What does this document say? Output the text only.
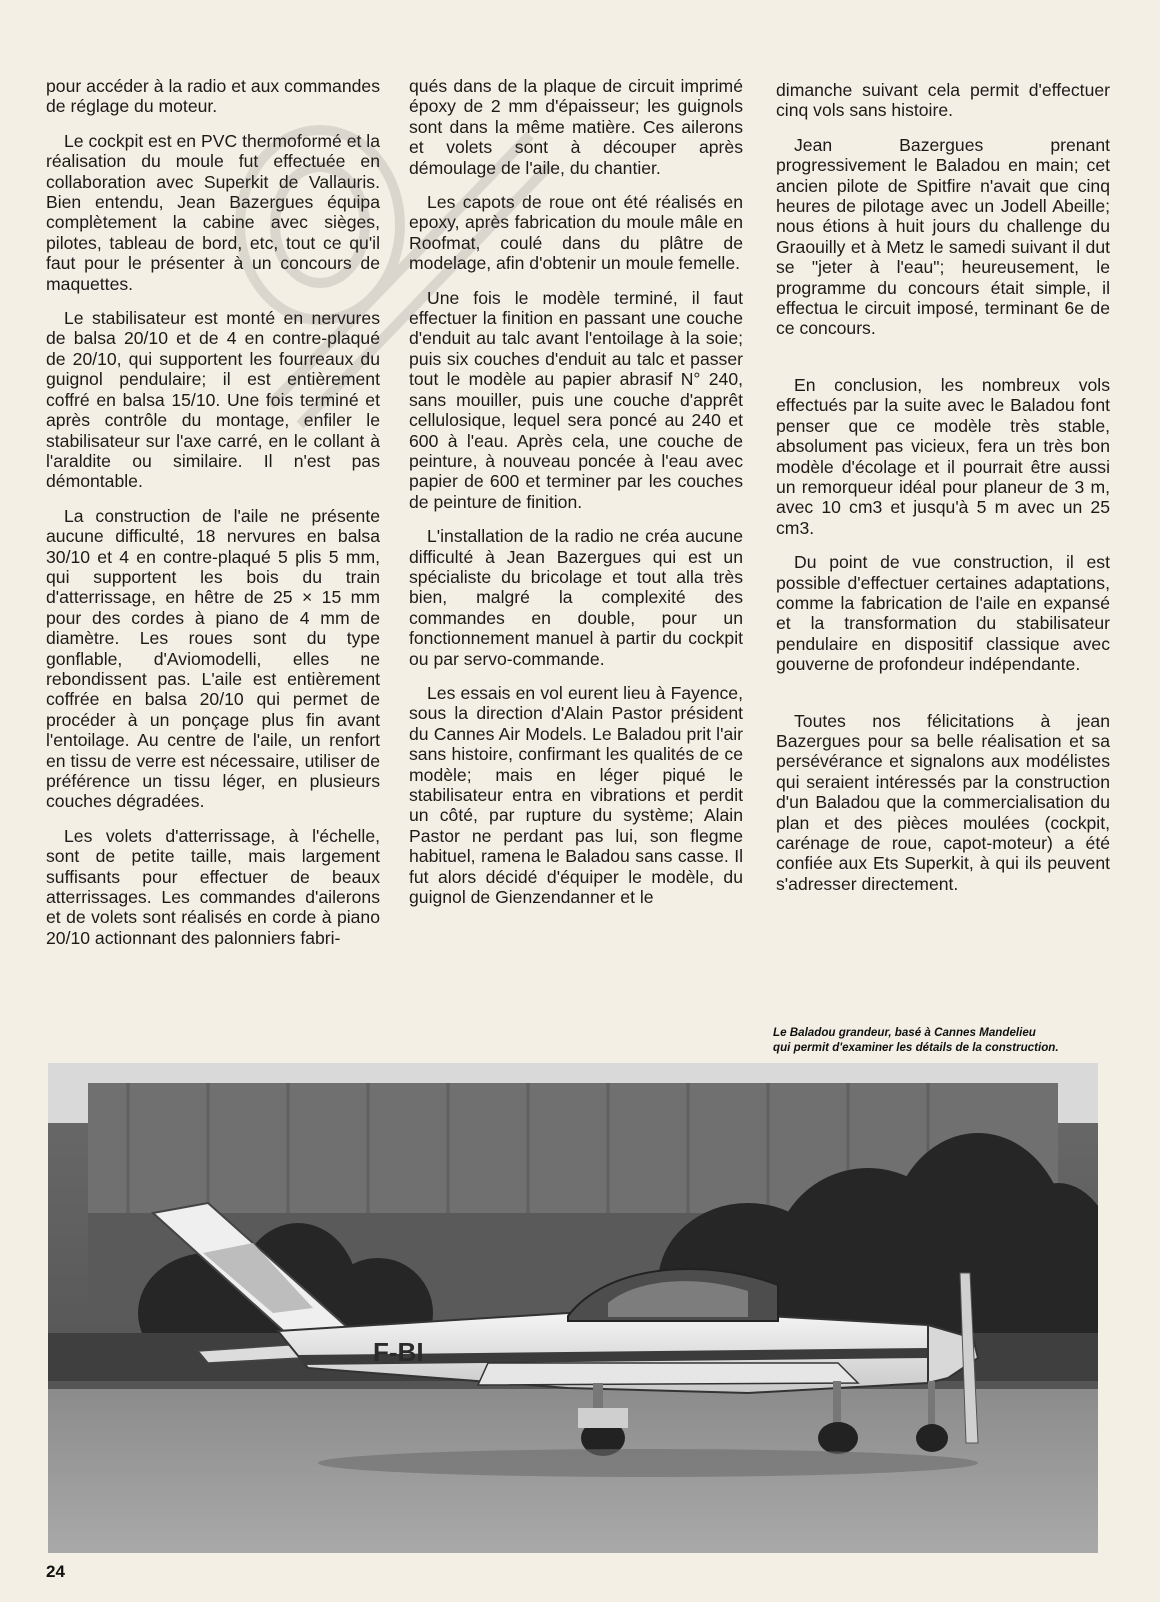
pour accéder à la radio et aux commandes de réglage du moteur.

Le cockpit est en PVC thermoformé et la réalisation du moule fut effectuée en collaboration avec Superkit de Vallauris. Bien entendu, Jean Bazergues équipa complètement la cabine avec sièges, pilotes, tableau de bord, etc, tout ce qu'il faut pour le présenter à un concours de maquettes.

Le stabilisateur est monté en nervures de balsa 20/10 et de 4 en contre-plaqué de 20/10, qui supportent les fourreaux du guignol pendulaire; il est entièrement coffré en balsa 15/10. Une fois terminé et après contrôle du montage, enfiler le stabilisateur sur l'axe carré, en le collant à l'araldite ou similaire. Il n'est pas démontable.

La construction de l'aile ne présente aucune difficulté, 18 nervures en balsa 30/10 et 4 en contre-plaqué 5 plis 5 mm, qui supportent les bois du train d'atterrissage, en hêtre de 25 × 15 mm pour des cordes à piano de 4 mm de diamètre. Les roues sont du type gonflable, d'Aviomodelli, elles ne rebondissent pas. L'aile est entièrement coffrée en balsa 20/10 qui permet de procéder à un ponçage plus fin avant l'entoilage. Au centre de l'aile, un renfort en tissu de verre est nécessaire, utiliser de préférence un tissu léger, en plusieurs couches dégradées.

Les volets d'atterrissage, à l'échelle, sont de petite taille, mais largement suffisants pour effectuer de beaux atterrissages. Les commandes d'ailerons et de volets sont réalisés en corde à piano 20/10 actionnant des palonniers fabri-

qués dans de la plaque de circuit imprimé époxy de 2 mm d'épaisseur; les guignols sont dans la même matière. Ces ailerons et volets sont à découper après démoulage de l'aile, du chantier.

Les capots de roue ont été réalisés en epoxy, après fabrication du moule mâle en Roofmat, coulé dans du plâtre de modelage, afin d'obtenir un moule femelle.

Une fois le modèle terminé, il faut effectuer la finition en passant une couche d'enduit au talc avant l'entoilage à la soie; puis six couches d'enduit au talc et passer tout le modèle au papier abrasif N° 240, sans mouiller, puis une couche d'apprêt cellulosique, lequel sera poncé au 240 et 600 à l'eau. Après cela, une couche de peinture, à nouveau poncée à l'eau avec papier de 600 et terminer par les couches de peinture de finition.

L'installation de la radio ne créa aucune difficulté à Jean Bazergues qui est un spécialiste du bricolage et tout alla très bien, malgré la complexité des commandes en double, pour un fonctionnement manuel à partir du cockpit ou par servo-commande.

Les essais en vol eurent lieu à Fayence, sous la direction d'Alain Pastor président du Cannes Air Models. Le Baladou prit l'air sans histoire, confirmant les qualités de ce modèle; mais en léger piqué le stabilisateur entra en vibrations et perdit un côté, par rupture du système; Alain Pastor ne perdant pas lui, son flegme habituel, ramena le Baladou sans casse. Il fut alors décidé d'équiper le modèle, du guignol de Gienzendanner et le

dimanche suivant cela permit d'effectuer cinq vols sans histoire.

Jean Bazergues prenant progressivement le Baladou en main; cet ancien pilote de Spitfire n'avait que cinq heures de pilotage avec un Jodell Abeille; nous étions à huit jours du challenge du Graouilly et à Metz le samedi suivant il dut se "jeter à l'eau"; heureusement, le programme du concours était simple, il effectua le circuit imposé, terminant 6e de ce concours.

En conclusion, les nombreux vols effectués par la suite avec le Baladou font penser que ce modèle très stable, absolument pas vicieux, fera un très bon modèle d'écolage et il pourrait être aussi un remorqueur idéal pour planeur de 3 m, avec 10 cm3 et jusqu'à 5 m avec un 25 cm3.

Du point de vue construction, il est possible d'effectuer certaines adaptations, comme la fabrication de l'aile en expansé et la transformation du stabilisateur pendulaire en dispositif classique avec gouverne de profondeur indépendante.

Toutes nos félicitations à jean Bazergues pour sa belle réalisation et sa persévérance et signalons aux modélistes qui seraient intéressés par la construction d'un Baladou que la commercialisation du plan et des pièces moulées (cockpit, carénage de roue, capot-moteur) a été confiée aux Ets Superkit, à qui ils peuvent s'adresser directement.

Le Baladou grandeur, basé à Cannes Mandelieu
qui permit d'examiner les détails de la construction.
F-BI
24
